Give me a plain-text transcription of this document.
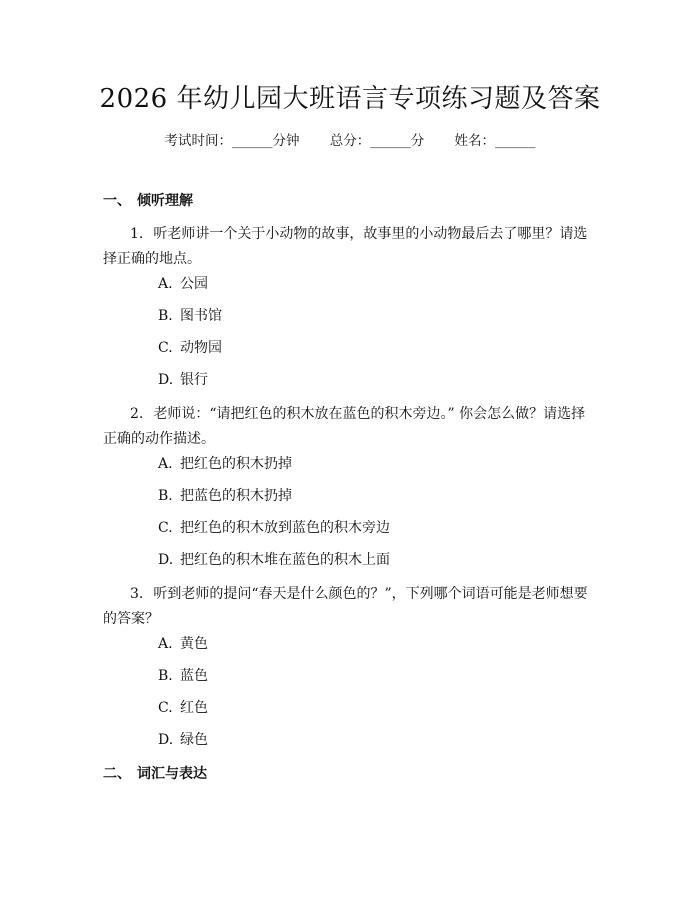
2026 年幼儿园大班语言专项练习题及答案
考试时间：______分钟 总分：______分 姓名：______
一、 倾听理解
1. 听老师讲一个关于小动物的故事，故事里的小动物最后去了哪里？请选择正确的地点。
A. 公园
B. 图书馆
C. 动物园
D. 银行
2. 老师说：“请把红色的积木放在蓝色的积木旁边。” 你会怎么做？请选择正确的动作描述。
A. 把红色的积木扔掉
B. 把蓝色的积木扔掉
C. 把红色的积木放到蓝色的积木旁边
D. 把红色的积木堆在蓝色的积木上面
3. 听到老师的提问“春天是什么颜色的？”，下列哪个词语可能是老师想要的答案？
A. 黄色
B. 蓝色
C. 红色
D. 绿色
二、 词汇与表达
